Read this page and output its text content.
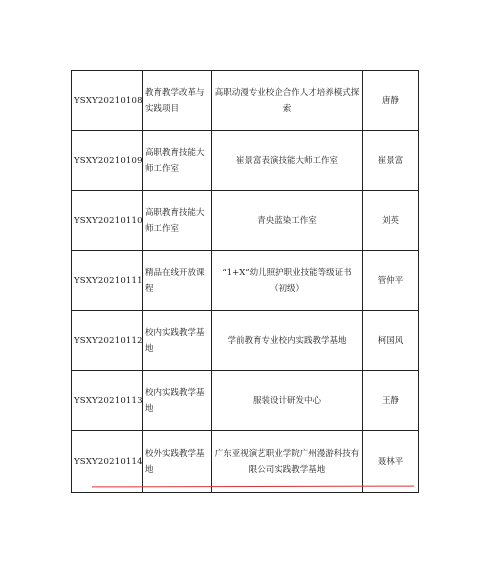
YSXY20210108	教育教学改革与实践项目	高职动漫专业校企合作人才培养模式探索	唐静
YSXY20210109	高职教育技能大师工作室	崔景富表演技能大师工作室	崔景富
YSXY20210110	高职教育技能大师工作室	青央蓝染工作室	刘英
YSXY20210111	精品在线开放课程	“1+X”幼儿照护职业技能等级证书（初级）	管仲平
YSXY20210112	校内实践教学基地	学前教育专业校内实践教学基地	柯国风
YSXY20210113	校内实践教学基地	服装设计研发中心	王静
YSXY20210114	校外实践教学基地	广东亚视演艺职业学院广州漫游科技有限公司实践教学基地	聂林平
